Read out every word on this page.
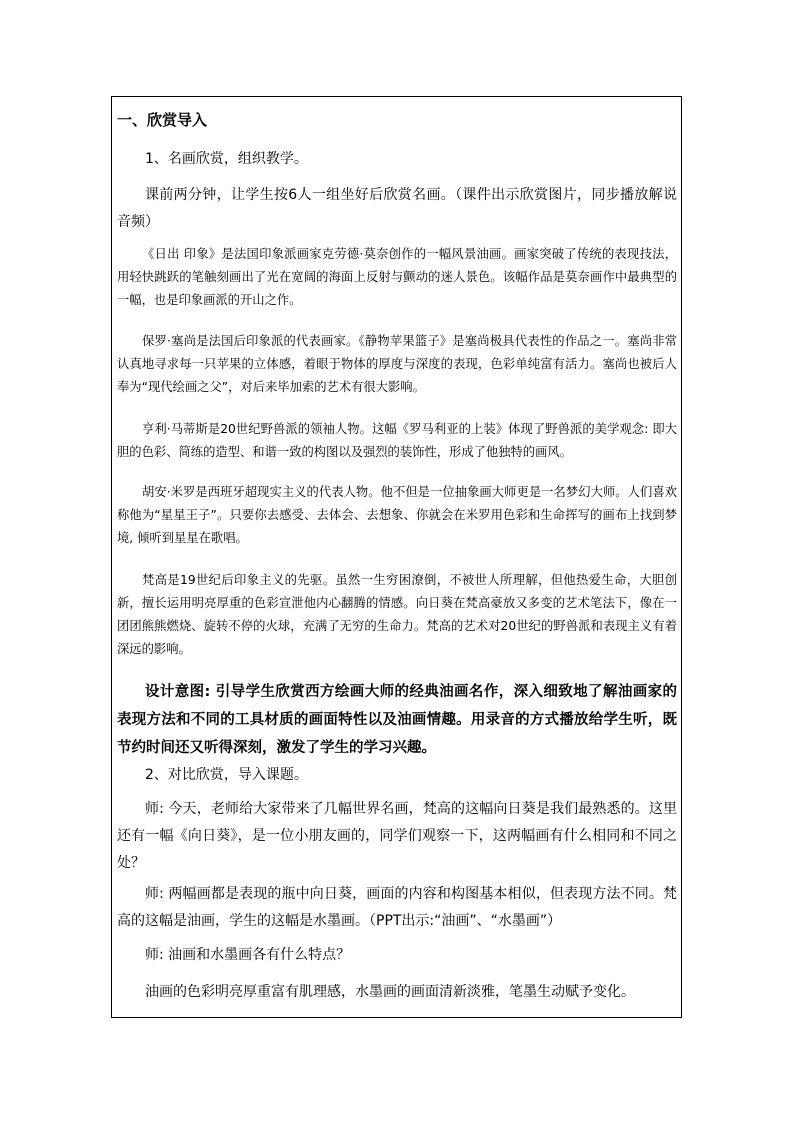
一、欣赏导入

1、名画欣赏，组织教学。

课前两分钟，让学生按6人一组坐好后欣赏名画。（课件出示欣赏图片，同步播放解说音频）

《日出 印象》是法国印象派画家克劳德·莫奈创作的一幅风景油画。画家突破了传统的表现技法，用轻快跳跃的笔触刻画出了光在宽阔的海面上反射与颤动的迷人景色。该幅作品是莫奈画作中最典型的一幅，也是印象画派的开山之作。

保罗·塞尚是法国后印象派的代表画家。《静物苹果篮子》是塞尚极具代表性的作品之一。塞尚非常认真地寻求每一只苹果的立体感，着眼于物体的厚度与深度的表现，色彩单纯富有活力。塞尚也被后人奉为“现代绘画之父”，对后来毕加索的艺术有很大影响。

亨利·马蒂斯是20世纪野兽派的领袖人物。这幅《罗马利亚的上装》体现了野兽派的美学观念: 即大胆的色彩、简练的造型、和谐一致的构图以及强烈的装饰性，形成了他独特的画风。

胡安·米罗是西班牙超现实主义的代表人物。他不但是一位抽象画大师更是一名梦幻大师。人们喜欢称他为“星星王子”。只要你去感受、去体会、去想象、你就会在米罗用色彩和生命挥写的画布上找到梦境, 倾听到星星在歌唱。

梵高是19世纪后印象主义的先驱。虽然一生穷困潦倒，不被世人所理解，但他热爱生命，大胆创新，擅长运用明亮厚重的色彩宣泄他内心翻腾的情感。向日葵在梵高豪放又多变的艺术笔法下，像在一团团熊熊燃烧、旋转不停的火球，充满了无穷的生命力。梵高的艺术对20世纪的野兽派和表现主义有着深远的影响。

设计意图: 引导学生欣赏西方绘画大师的经典油画名作，深入细致地了解油画家的表现方法和不同的工具材质的画面特性以及油画情趣。用录音的方式播放给学生听，既节约时间还又听得深刻，激发了学生的学习兴趣。

2、对比欣赏，导入课题。

师: 今天，老师给大家带来了几幅世界名画，梵高的这幅向日葵是我们最熟悉的。这里还有一幅《向日葵》，是一位小朋友画的，同学们观察一下，这两幅画有什么相同和不同之处？

师: 两幅画都是表现的瓶中向日葵，画面的内容和构图基本相似，但表现方法不同。梵高的这幅是油画，学生的这幅是水墨画。（PPT出示:“油画”、“水墨画”）

师: 油画和水墨画各有什么特点？

油画的色彩明亮厚重富有肌理感，水墨画的画面清新淡雅，笔墨生动赋予变化。
